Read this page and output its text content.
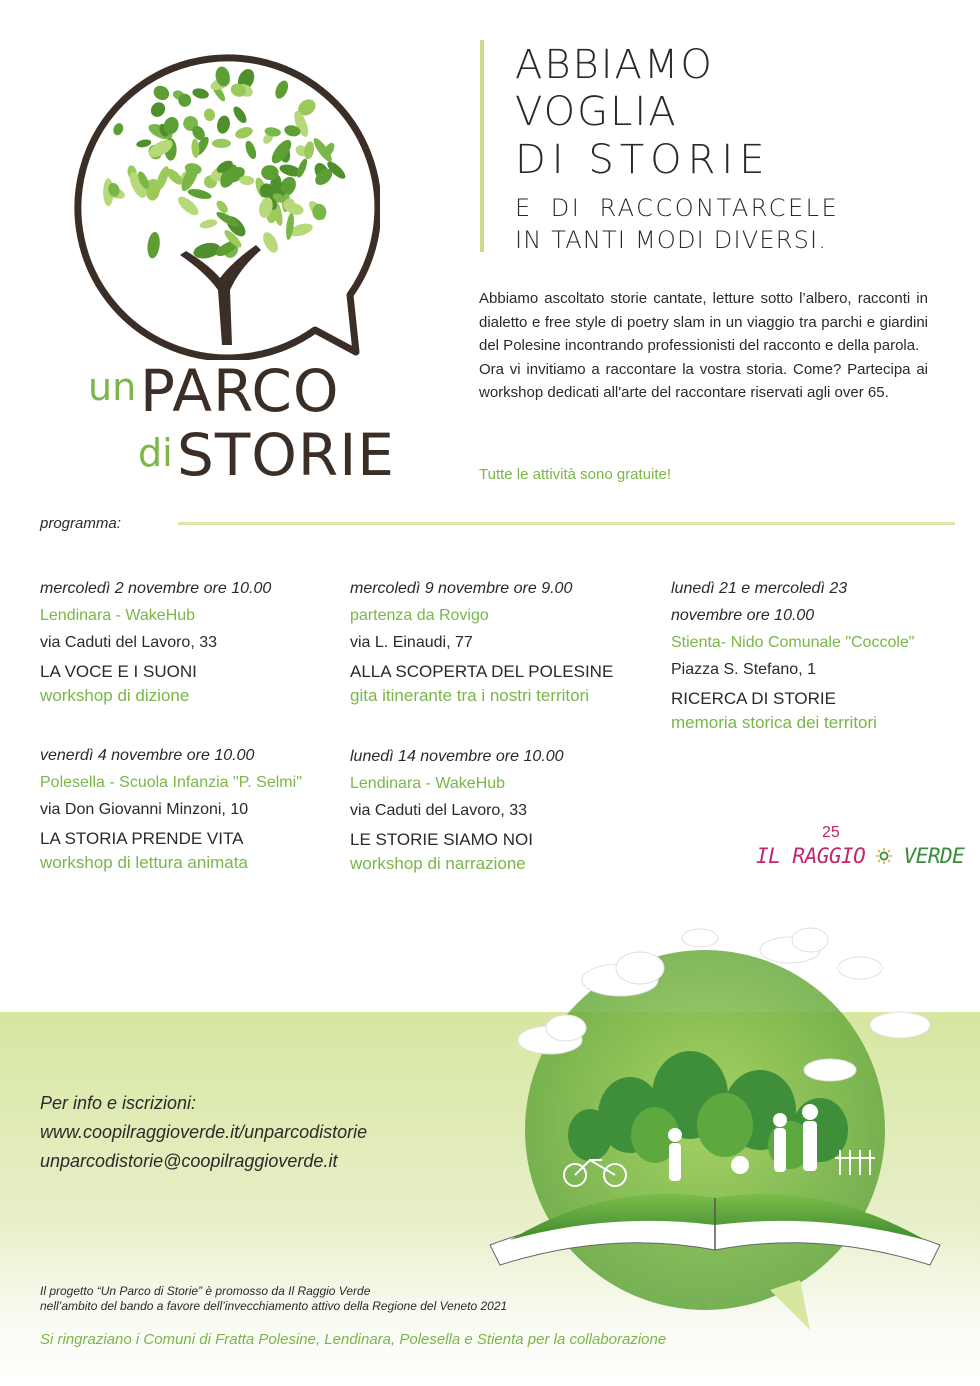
un PARCO
di STORIE
ABBIAMO
VOGLIA
DI STORIE
E DI RACCONTARCELE
IN TANTI MODI DIVERSI.

Abbiamo ascoltato storie cantate, letture sotto l’albero, racconti in dialetto e free style di poetry slam in un viaggio tra parchi e giardini del Polesine incontrando professionisti del racconto e della parola.

Ora vi invitiamo a raccontare la vostra storia. Come? Partecipa ai workshop dedicati all'arte del raccontare riservati agli over 65.

Tutte le attività sono gratuite!
programma:
mercoledì 2 novembre ore 10.00
Lendinara - WakeHub
via Caduti del Lavoro, 33
LA VOCE E I SUONI
workshop di dizione
venerdì 4 novembre ore 10.00
Polesella - Scuola Infanzia "P. Selmi"
via Don Giovanni Minzoni, 10
LA STORIA PRENDE VITA
workshop di lettura animata
mercoledì 9 novembre ore 9.00
partenza da Rovigo
via L. Einaudi, 77
ALLA SCOPERTA DEL POLESINE
gita itinerante tra i nostri territori
lunedì 14 novembre ore 10.00
Lendinara - WakeHub
via Caduti del Lavoro, 33
LE STORIE SIAMO NOI
workshop di narrazione
lunedì 21 e mercoledì 23
novembre ore 10.00
Stienta- Nido Comunale "Coccole"
Piazza S. Stefano, 1
RICERCA DI STORIE
memoria storica dei territori
25
IL RAGGIO VERDE
Per info e iscrizioni:
www.coopilraggioverde.it/unparcodistorie
unparcodistorie@coopilraggioverde.it
Il progetto “Un Parco di Storie” è promosso da Il Raggio Verde
nell’ambito del bando a favore dell’invecchiamento attivo della Regione del Veneto 2021
Si ringraziano i Comuni di Fratta Polesine, Lendinara, Polesella e Stienta per la collaborazione
